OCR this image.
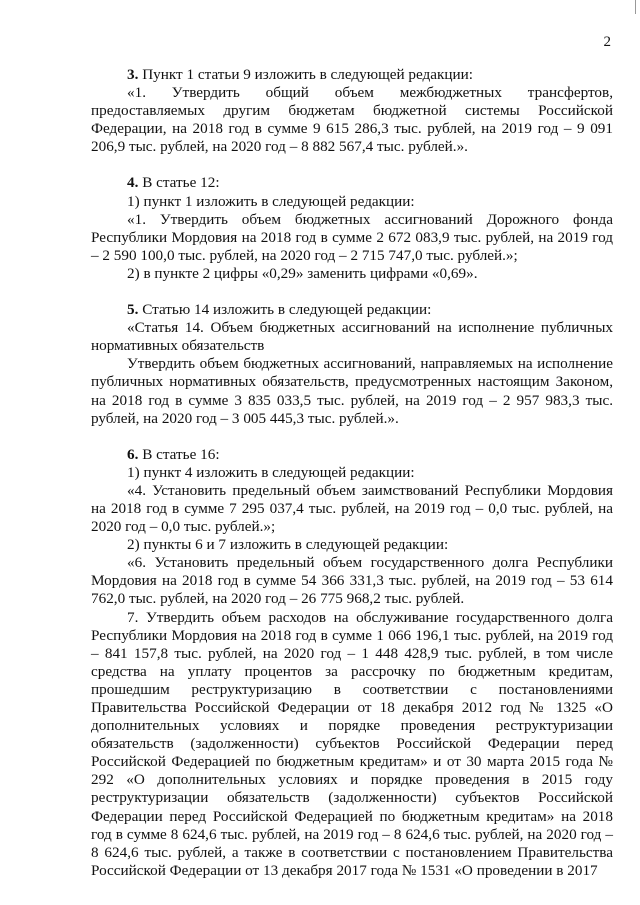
2

3. Пункт 1 статьи 9 изложить в следующей редакции:

«1. Утвердить общий объем межбюджетных трансфертов, предоставляемых другим бюджетам бюджетной системы Российской Федерации, на 2018 год в сумме 9 615 286,3 тыс. рублей, на 2019 год – 9 091 206,9 тыс. рублей, на 2020 год – 8 882 567,4 тыс. рублей.».

4. В статье 12:

1) пункт 1 изложить в следующей редакции:

«1. Утвердить объем бюджетных ассигнований Дорожного фонда Республики Мордовия на 2018 год в сумме 2 672 083,9 тыс. рублей, на 2019 год – 2 590 100,0 тыс. рублей, на 2020 год – 2 715 747,0 тыс. рублей.»;

2) в пункте 2 цифры «0,29» заменить цифрами «0,69».

5. Статью 14 изложить в следующей редакции:

«Статья 14. Объем бюджетных ассигнований на исполнение публичных нормативных обязательств

Утвердить объем бюджетных ассигнований, направляемых на исполнение публичных нормативных обязательств, предусмотренных настоящим Законом, на 2018 год в сумме 3 835 033,5 тыс. рублей, на 2019 год – 2 957 983,3 тыс. рублей, на 2020 год – 3 005 445,3 тыс. рублей.».

6. В статье 16:

1) пункт 4 изложить в следующей редакции:

«4. Установить предельный объем заимствований Республики Мордовия на 2018 год в сумме 7 295 037,4 тыс. рублей, на 2019 год – 0,0 тыс. рублей, на 2020 год – 0,0 тыс. рублей.»;

2) пункты 6 и 7 изложить в следующей редакции:

«6. Установить предельный объем государственного долга Республики Мордовия на 2018 год в сумме 54 366 331,3 тыс. рублей, на 2019 год – 53 614 762,0 тыс. рублей, на 2020 год – 26 775 968,2 тыс. рублей.

7. Утвердить объем расходов на обслуживание государственного долга Республики Мордовия на 2018 год в сумме 1 066 196,1 тыс. рублей, на 2019 год – 841 157,8 тыс. рублей, на 2020 год – 1 448 428,9 тыс. рублей, в том числе средства на уплату процентов за рассрочку по бюджетным кредитам, прошедшим реструктуризацию в соответствии с постановлениями Правительства Российской Федерации от 18 декабря 2012 год № 1325 «О дополнительных условиях и порядке проведения реструктуризации обязательств (задолженности) субъектов Российской Федерации перед Российской Федерацией по бюджетным кредитам» и от 30 марта 2015 года № 292 «О дополнительных условиях и порядке проведения в 2015 году реструктуризации обязательств (задолженности) субъектов Российской Федерации перед Российской Федерацией по бюджетным кредитам» на 2018 год в сумме 8 624,6 тыс. рублей, на 2019 год – 8 624,6 тыс. рублей, на 2020 год – 8 624,6 тыс. рублей, а также в соответствии с постановлением Правительства Российской Федерации от 13 декабря 2017 года № 1531 «О проведении в 2017
